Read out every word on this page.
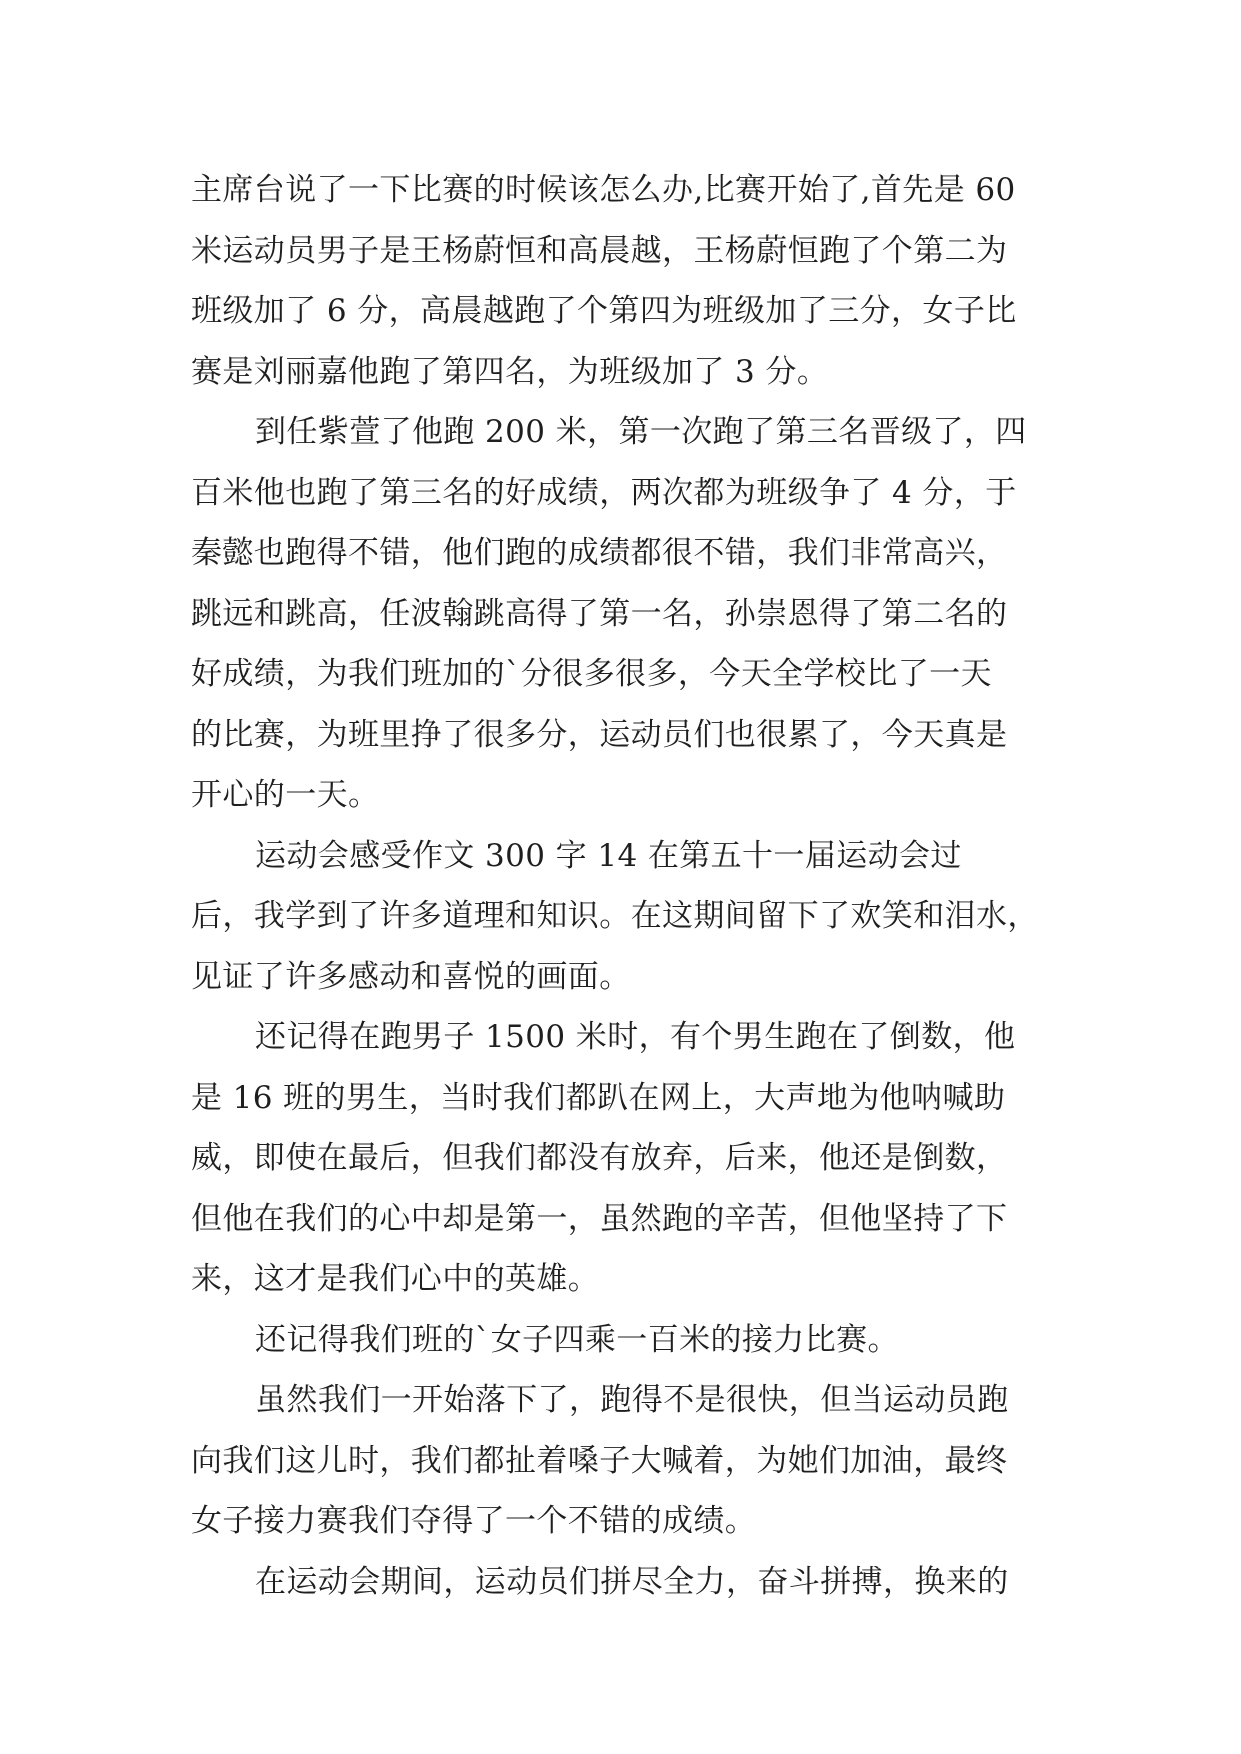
主席台说了一下比赛的时候该怎么办,比赛开始了,首先是 60
米运动员男子是王杨蔚恒和高晨越，王杨蔚恒跑了个第二为
班级加了 6 分，高晨越跑了个第四为班级加了三分，女子比
赛是刘丽嘉他跑了第四名，为班级加了 3 分。
到任紫萱了他跑 200 米，第一次跑了第三名晋级了，四
百米他也跑了第三名的好成绩，两次都为班级争了 4 分，于
秦懿也跑得不错，他们跑的成绩都很不错，我们非常高兴，
跳远和跳高，任波翰跳高得了第一名，孙崇恩得了第二名的
好成绩，为我们班加的`分很多很多，今天全学校比了一天
的比赛，为班里挣了很多分，运动员们也很累了，今天真是
开心的一天。
运动会感受作文 300 字 14 在第五十一届运动会过
后，我学到了许多道理和知识。在这期间留下了欢笑和泪水，
见证了许多感动和喜悦的画面。
还记得在跑男子 1500 米时，有个男生跑在了倒数，他
是 16 班的男生，当时我们都趴在网上，大声地为他呐喊助
威，即使在最后，但我们都没有放弃，后来，他还是倒数，
但他在我们的心中却是第一，虽然跑的辛苦，但他坚持了下
来，这才是我们心中的英雄。
还记得我们班的`女子四乘一百米的接力比赛。
虽然我们一开始落下了，跑得不是很快，但当运动员跑
向我们这儿时，我们都扯着嗓子大喊着，为她们加油，最终
女子接力赛我们夺得了一个不错的成绩。
在运动会期间，运动员们拼尽全力，奋斗拼搏，换来的
